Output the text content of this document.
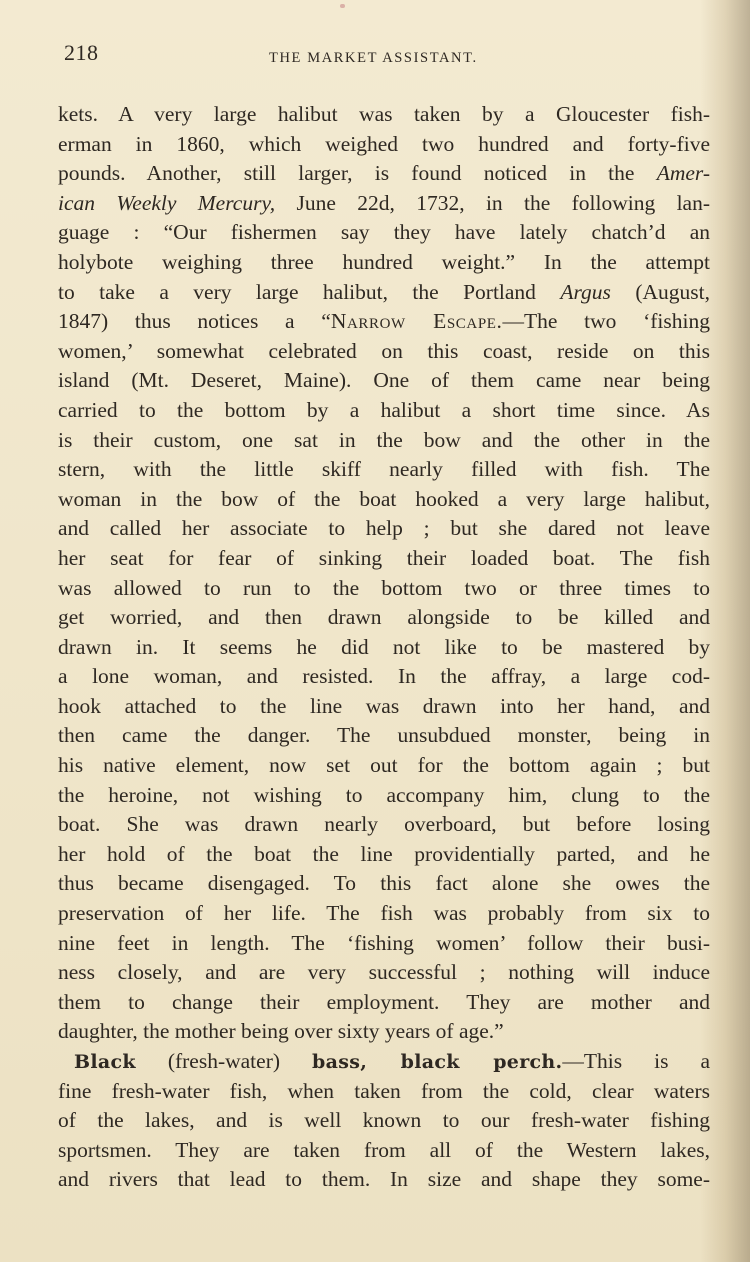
218	THE MARKET ASSISTANT.
kets. A very large halibut was taken by a Gloucester fish-
erman in 1860, which weighed two hundred and forty-five
pounds. Another, still larger, is found noticed in the Amer-
ican Weekly Mercury, June 22d, 1732, in the following lan-
guage : “Our fishermen say they have lately chatch’d an
holybote weighing three hundred weight.” In the attempt
to take a very large halibut, the Portland Argus (August,
1847) thus notices a “Narrow Escape.—The two ‘fishing
women,’ somewhat celebrated on this coast, reside on this
island (Mt. Deseret, Maine). One of them came near being
carried to the bottom by a halibut a short time since. As
is their custom, one sat in the bow and the other in the
stern, with the little skiff nearly filled with fish. The
woman in the bow of the boat hooked a very large halibut,
and called her associate to help ; but she dared not leave
her seat for fear of sinking their loaded boat. The fish
was allowed to run to the bottom two or three times to
get worried, and then drawn alongside to be killed and
drawn in. It seems he did not like to be mastered by
a lone woman, and resisted. In the affray, a large cod-
hook attached to the line was drawn into her hand, and
then came the danger. The unsubdued monster, being in
his native element, now set out for the bottom again ; but
the heroine, not wishing to accompany him, clung to the
boat. She was drawn nearly overboard, but before losing
her hold of the boat the line providentially parted, and he
thus became disengaged. To this fact alone she owes the
preservation of her life. The fish was probably from six to
nine feet in length. The ‘fishing women’ follow their busi-
ness closely, and are very successful ; nothing will induce
them to change their employment. They are mother and
daughter, the mother being over sixty years of age.”
Black (fresh-water) bass, black perch.—This is a
fine fresh-water fish, when taken from the cold, clear waters
of the lakes, and is well known to our fresh-water fishing
sportsmen. They are taken from all of the Western lakes,
and rivers that lead to them. In size and shape they some-
